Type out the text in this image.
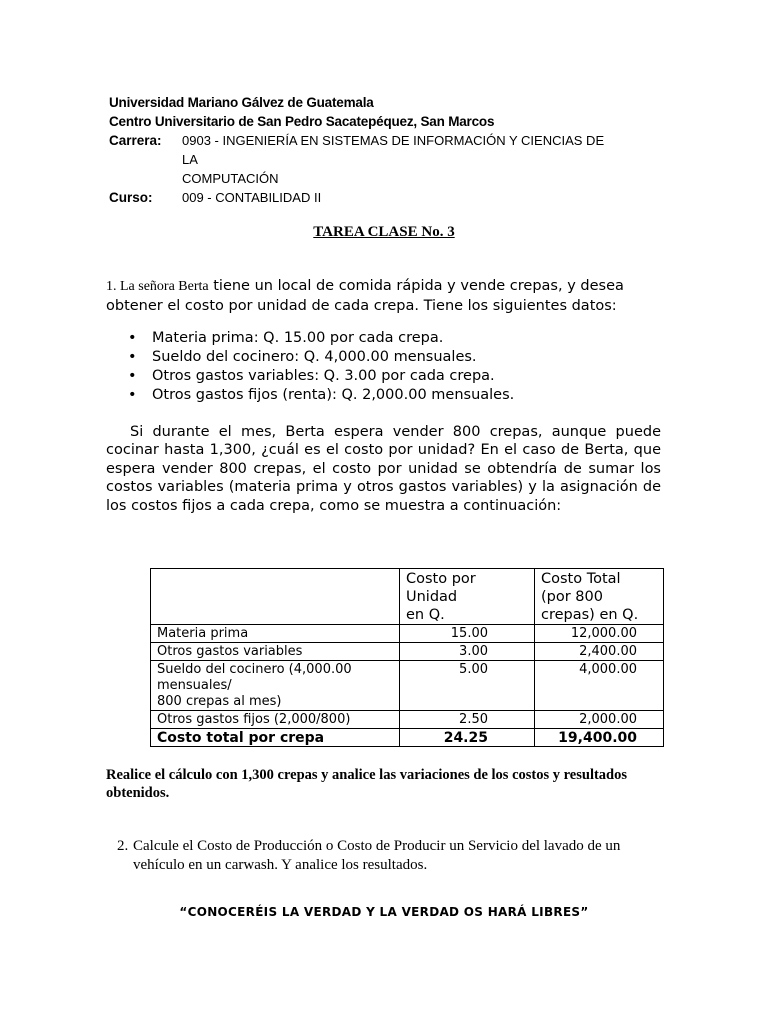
Universidad Mariano Gálvez de Guatemala
Centro Universitario de San Pedro Sacatepéquez, San Marcos
Carrera:	0903 - INGENIERÍA EN SISTEMAS DE INFORMACIÓN Y CIENCIAS DE LA
COMPUTACIÓN
Curso:	009 - CONTABILIDAD II
TAREA CLASE No. 3
1. La señora Berta tiene un local de comida rápida y vende crepas, y desea obtener el costo por unidad de cada crepa. Tiene los siguientes datos:
• Materia prima: Q. 15.00 por cada crepa.
• Sueldo del cocinero: Q. 4,000.00 mensuales.
• Otros gastos variables: Q. 3.00 por cada crepa.
• Otros gastos fijos (renta): Q. 2,000.00 mensuales.
Si durante el mes, Berta espera vender 800 crepas, aunque puede cocinar hasta 1,300, ¿cuál es el costo por unidad? En el caso de Berta, que espera vender 800 crepas, el costo por unidad se obtendría de sumar los costos variables (materia prima y otros gastos variables) y la asignación de los costos fijos a cada crepa, como se muestra a continuación:
	Costo por
Unidad
en Q.	Costo Total
(por 800
crepas) en Q.
Materia prima	15.00	12,000.00
Otros gastos variables	3.00	2,400.00
Sueldo del cocinero (4,000.00
mensuales/
800 crepas al mes)	5.00	4,000.00
Otros gastos fijos (2,000/800)	2.50	2,000.00
Costo total por crepa	24.25	19,400.00
Realice el cálculo con 1,300 crepas y analice las variaciones de los costos y resultados obtenidos.
2. Calcule el Costo de Producción o Costo de Producir un Servicio del lavado de un
vehículo en un carwash. Y analice los resultados.
“CONOCERÉIS LA VERDAD Y LA VERDAD OS HARÁ LIBRES”
